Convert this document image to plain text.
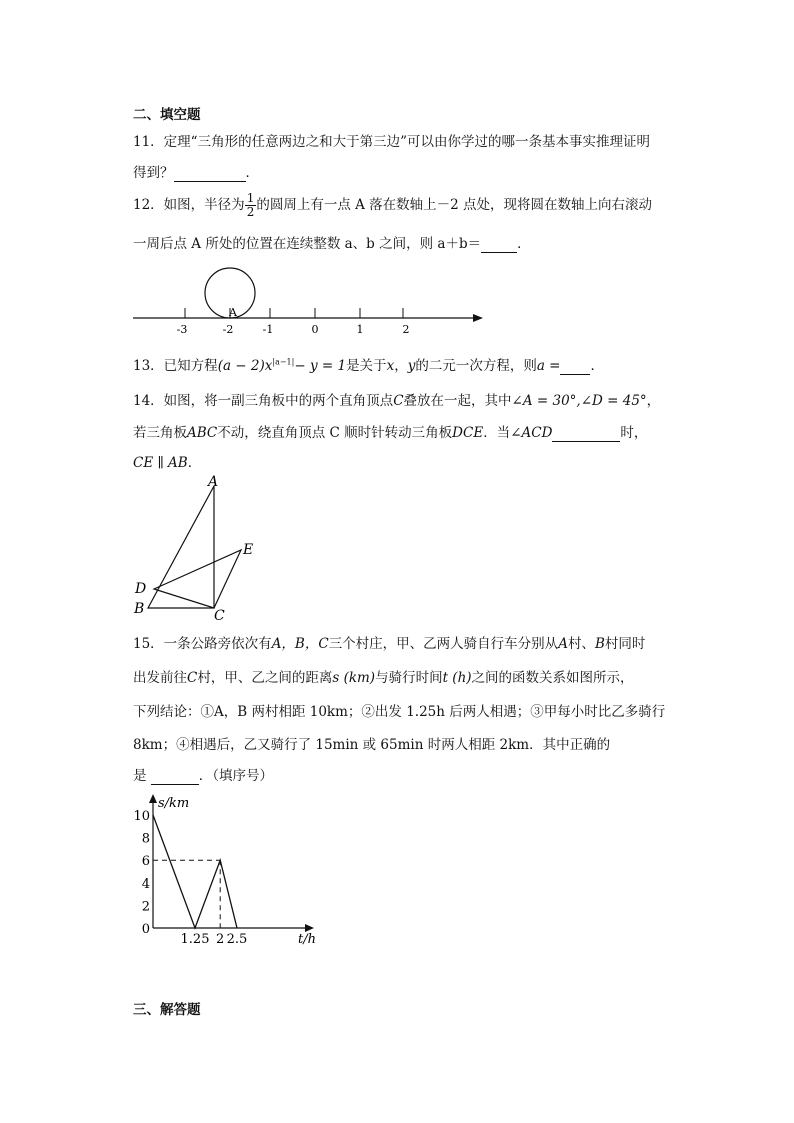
二、填空题
11．定理“三角形的任意两边之和大于第三边”可以由你学过的哪一条基本事实推理证明
得到？	．
12．如图，半径为 $\frac{1}{2}$ 的圆周上有一点 A 落在数轴上－2 点处，现将圆在数轴上向右滚动
一周后点 A 所处的位置在连续整数 a、b 之间，则 a＋b＝	．
A
-3	-2	-1	0	1	2
13．已知方程$(a - 2)x^{|a-1|}- y = 1$是关于x，y的二元一次方程，则a = ．
14．如图，将一副三角板中的两个直角顶点C叠放在一起，其中∠A = 30°,∠D = 45°，
若三角板ABC不动，绕直角顶点 C 顺时针转动三角板DCE．当∠ACD	时，
CE ∥ AB．
A
E
D
B	C
15．一条公路旁依次有A，B，C三个村庄，甲、乙两人骑自行车分别从A村、B村同时
出发前往C村，甲、乙之间的距离s (km)与骑行时间t (h)之间的函数关系如图所示，
下列结论：①A，B 两村相距 10km；②出发 1.25h 后两人相遇；③甲每小时比乙多骑行
8km；④相遇后，乙又骑行了 15min 或 65min 时两人相距 2km．其中正确的
是	．（填序号）
s/km
t/h
0
2
4
6
8
10
1.25 2 2.5
三、解答题
